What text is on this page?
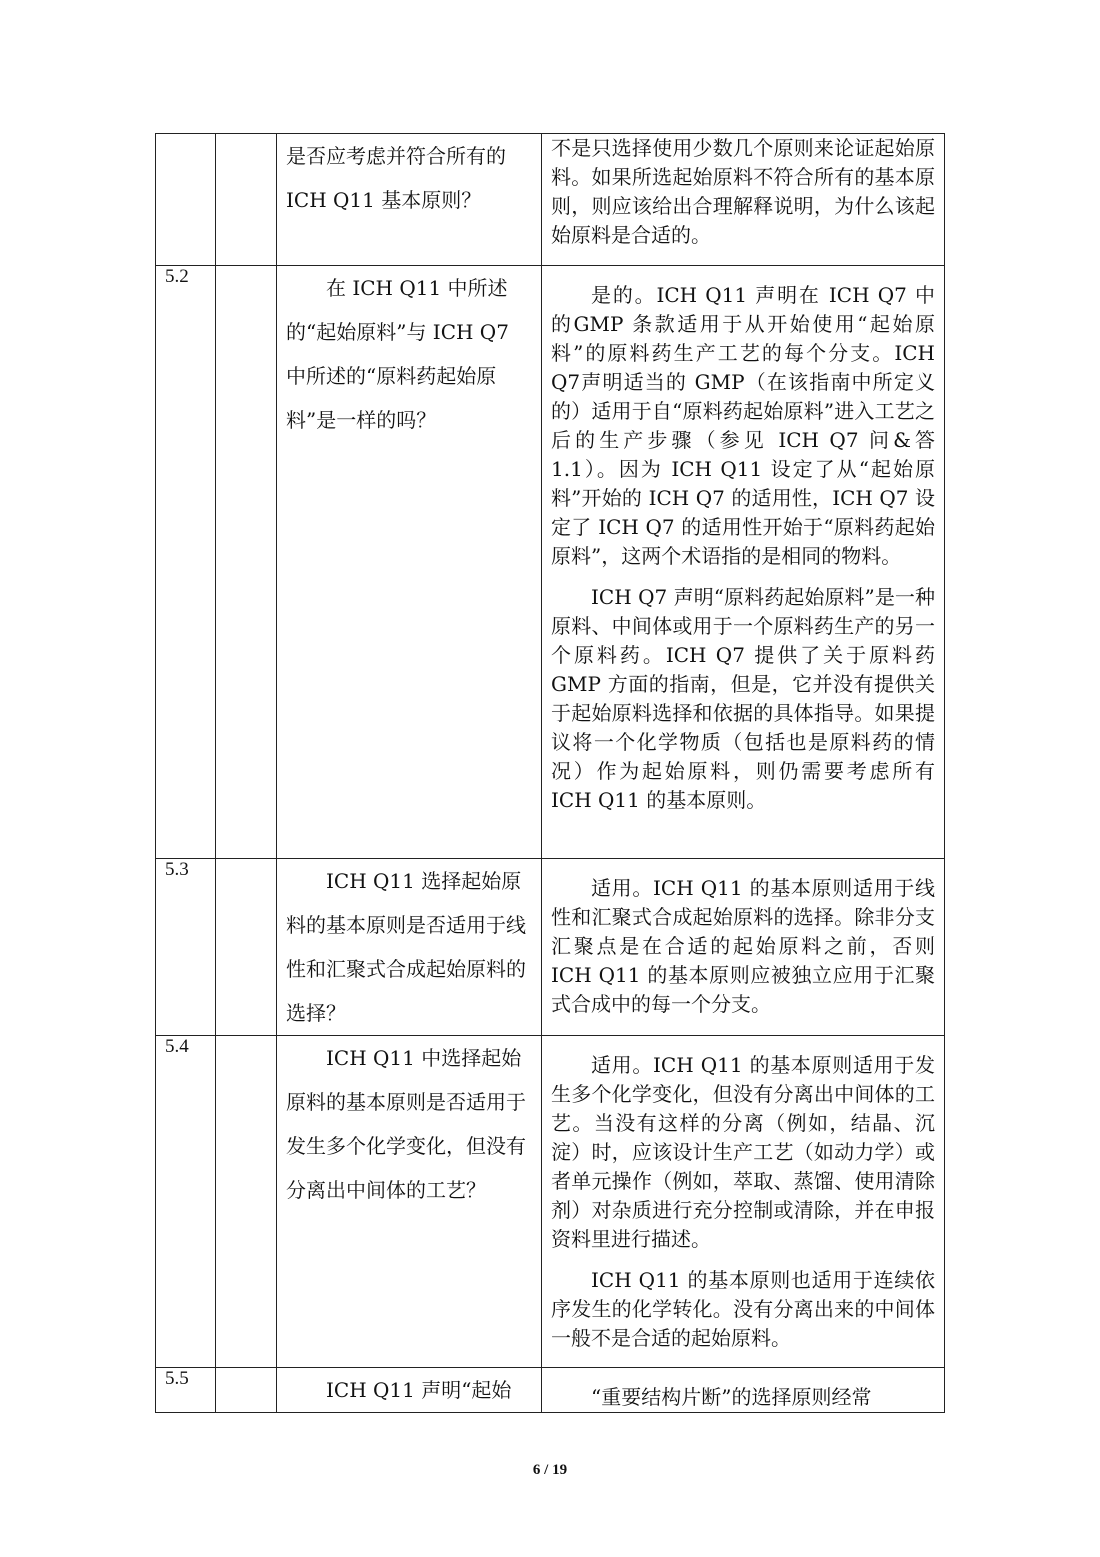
		是否应考虑并符合所有的ICH Q11 基本原则？	不是只选择使用少数几个原则来论证起始原料。如果所选起始原料不符合所有的基本原则，则应该给出合理解释说明，为什么该起始原料是合适的。

5.2		在 ICH Q11 中所述的“起始原料”与 ICH Q7 中所述的“原料药起始原料”是一样的吗？	是的。ICH Q11 声明在 ICH Q7 中的GMP 条款适用于从开始使用“起始原料”的原料药生产工艺的每个分支。ICH Q7声明适当的 GMP（在该指南中所定义的）适用于自“原料药起始原料”进入工艺之后的生产步骤（参见 ICH Q7 问&答1.1）。因为 ICH Q11 设定了从“起始原料”开始的 ICH Q7 的适用性，ICH Q7 设定了 ICH Q7 的适用性开始于“原料药起始原料”，这两个术语指的是相同的物料。

ICH Q7 声明“原料药起始原料”是一种原料、中间体或用于一个原料药生产的另一个原料药。ICH Q7 提供了关于原料药 GMP 方面的指南，但是，它并没有提供关于起始原料选择和依据的具体指导。如果提议将一个化学物质（包括也是原料药的情况）作为起始原料，则仍需要考虑所有 ICH Q11 的基本原则。

5.3		ICH Q11 选择起始原料的基本原则是否适用于线性和汇聚式合成起始原料的选择？	适用。ICH Q11 的基本原则适用于线性和汇聚式合成起始原料的选择。除非分支汇聚点是在合适的起始原料之前，否则 ICH Q11 的基本原则应被独立应用于汇聚式合成中的每一个分支。

5.4		ICH Q11 中选择起始原料的基本原则是否适用于发生多个化学变化，但没有分离出中间体的工艺？	适用。ICH Q11 的基本原则适用于发生多个化学变化，但没有分离出中间体的工艺。当没有这样的分离（例如，结晶、沉淀）时，应该设计生产工艺（如动力学）或者单元操作（例如，萃取、蒸馏、使用清除剂）对杂质进行充分控制或清除，并在申报资料里进行描述。

ICH Q11 的基本原则也适用于连续依序发生的化学转化。没有分离出来的中间体一般不是合适的起始原料。

5.5		ICH Q11 声明“起始	“重要结构片断”的选择原则经常

6 / 19
